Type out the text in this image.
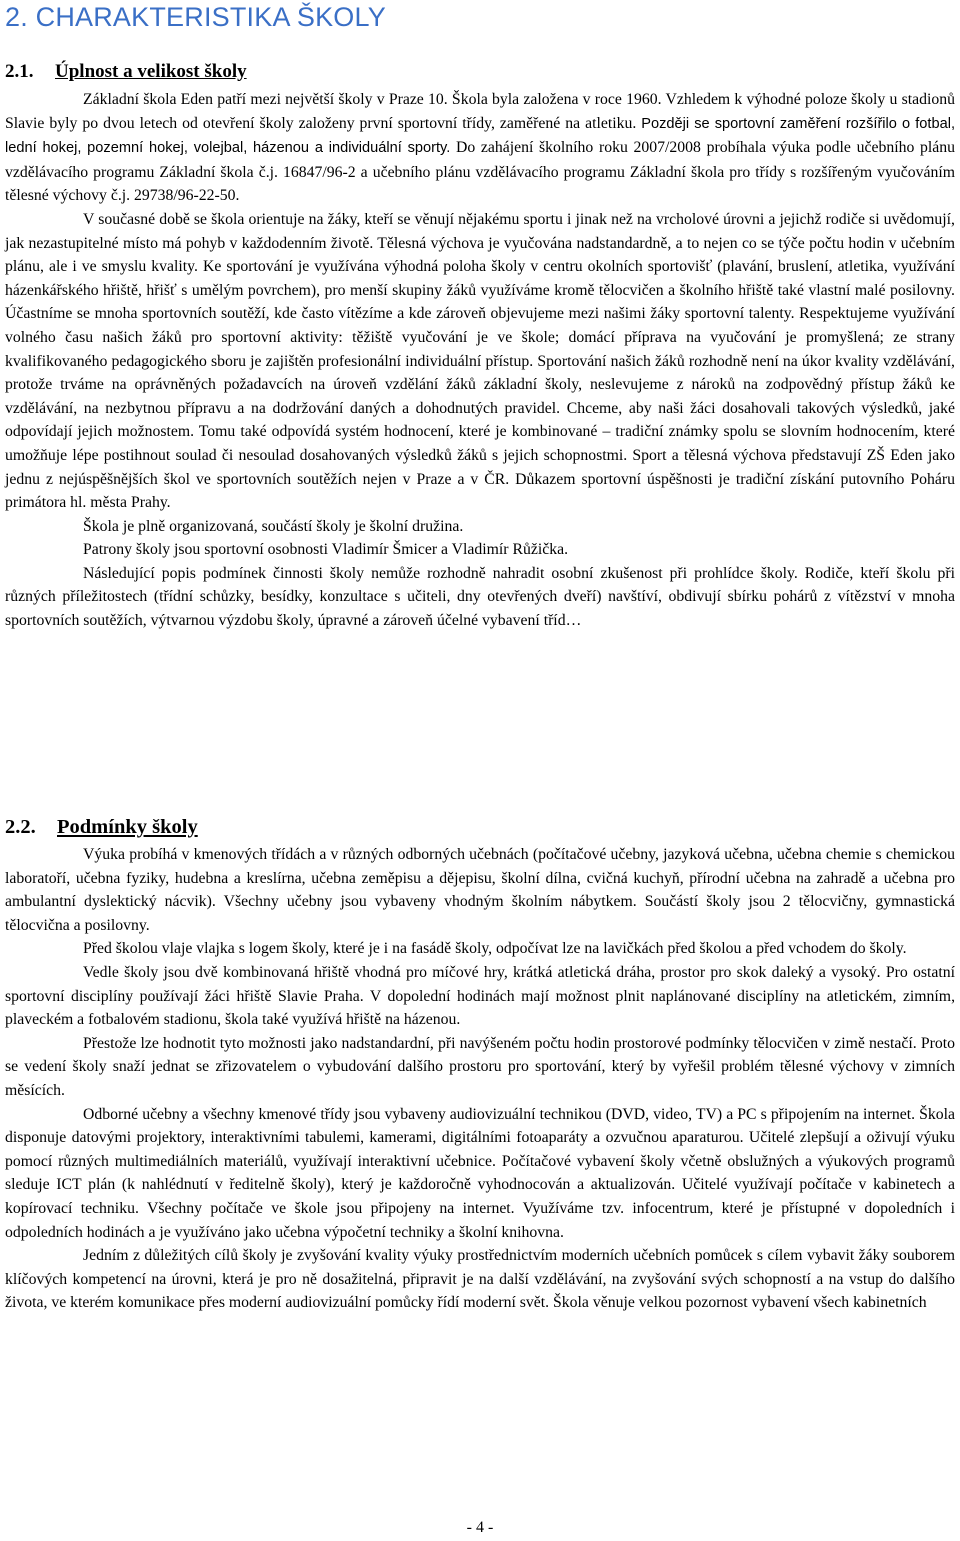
2. CHARAKTERISTIKA ŠKOLY
2.1. Úplnost a velikost školy

Základní škola Eden patří mezi největší školy v Praze 10. Škola byla založena v roce 1960. Vzhledem k výhodné poloze školy u stadionů Slavie byly po dvou letech od otevření školy založeny první sportovní třídy, zaměřené na atletiku. Později se sportovní zaměření rozšířilo o fotbal, lední hokej, pozemní hokej, volejbal, házenou a individuální sporty. Do zahájení školního roku 2007/2008 probíhala výuka podle učebního plánu vzdělávacího programu Základní škola č.j. 16847/96-2 a učebního plánu vzdělávacího programu Základní škola pro třídy s rozšířeným vyučováním tělesné výchovy č.j. 29738/96-22-50.

V současné době se škola orientuje na žáky, kteří se věnují nějakému sportu i jinak než na vrcholové úrovni a jejichž rodiče si uvědomují, jak nezastupitelné místo má pohyb v každodenním životě. Tělesná výchova je vyučována nadstandardně, a to nejen co se týče počtu hodin v učebním plánu, ale i ve smyslu kvality. Ke sportování je využívána výhodná poloha školy v centru okolních sportovišť (plavání, bruslení, atletika, využívání házenkářského hřiště, hřišť s umělým povrchem), pro menší skupiny žáků využíváme kromě tělocvičen a školního hřiště také vlastní malé posilovny. Účastníme se mnoha sportovních soutěží, kde často vítězíme a kde zároveň objevujeme mezi našimi žáky sportovní talenty. Respektujeme využívání volného času našich žáků pro sportovní aktivity: těžiště vyučování je ve škole; domácí příprava na vyučování je promyšlená; ze strany kvalifikovaného pedagogického sboru je zajištěn profesionální individuální přístup. Sportování našich žáků rozhodně není na úkor kvality vzdělávání, protože trváme na oprávněných požadavcích na úroveň vzdělání žáků základní školy, neslevujeme z nároků na zodpovědný přístup žáků ke vzdělávání, na nezbytnou přípravu a na dodržování daných a dohodnutých pravidel. Chceme, aby naši žáci dosahovali takových výsledků, jaké odpovídají jejich možnostem. Tomu také odpovídá systém hodnocení, které je kombinované – tradiční známky spolu se slovním hodnocením, které umožňuje lépe postihnout soulad či nesoulad dosahovaných výsledků žáků s jejich schopnostmi. Sport a tělesná výchova představují ZŠ Eden jako jednu z nejúspěšnějších škol ve sportovních soutěžích nejen v Praze a v ČR. Důkazem sportovní úspěšnosti je tradiční získání putovního Poháru primátora hl. města Prahy.

Škola je plně organizovaná, součástí školy je školní družina.

Patrony školy jsou sportovní osobnosti Vladimír Šmicer a Vladimír Růžička.

Následující popis podmínek činnosti školy nemůže rozhodně nahradit osobní zkušenost při prohlídce školy. Rodiče, kteří školu při různých příležitostech (třídní schůzky, besídky, konzultace s učiteli, dny otevřených dveří) navštíví, obdivují sbírku pohárů z vítězství v mnoha sportovních soutěžích, výtvarnou výzdobu školy, úpravné a zároveň účelné vybavení tříd…

2.2. Podmínky školy

Výuka probíhá v kmenových třídách a v různých odborných učebnách (počítačové učebny, jazyková učebna, učebna chemie s chemickou laboratoří, učebna fyziky, hudebna a kreslírna, učebna zeměpisu a dějepisu, školní dílna, cvičná kuchyň, přírodní učebna na zahradě a učebna pro ambulantní dyslektický nácvik). Všechny učebny jsou vybaveny vhodným školním nábytkem. Součástí školy jsou 2 tělocvičny, gymnastická tělocvična a posilovny.

Před školou vlaje vlajka s logem školy, které je i na fasádě školy, odpočívat lze na lavičkách před školou a před vchodem do školy.

Vedle školy jsou dvě kombinovaná hřiště vhodná pro míčové hry, krátká atletická dráha, prostor pro skok daleký a vysoký. Pro ostatní sportovní disciplíny používají žáci hřiště Slavie Praha. V dopolední hodinách mají možnost plnit naplánované disciplíny na atletickém, zimním, plaveckém a fotbalovém stadionu, škola také využívá hřiště na házenou.

Přestože lze hodnotit tyto možnosti jako nadstandardní, při navýšeném počtu hodin prostorové podmínky tělocvičen v zimě nestačí. Proto se vedení školy snaží jednat se zřizovatelem o vybudování dalšího prostoru pro sportování, který by vyřešil problém tělesné výchovy v zimních měsících.

Odborné učebny a všechny kmenové třídy jsou vybaveny audiovizuální technikou (DVD, video, TV) a PC s připojením na internet. Škola disponuje datovými projektory, interaktivními tabulemi, kamerami, digitálními fotoaparáty a ozvučnou aparaturou. Učitelé zlepšují a oživují výuku pomocí různých multimediálních materiálů, využívají interaktivní učebnice. Počítačové vybavení školy včetně obslužných a výukových programů sleduje ICT plán (k nahlédnutí v ředitelně školy), který je každoročně vyhodnocován a aktualizován. Učitelé využívají počítače v kabinetech a kopírovací techniku. Všechny počítače ve škole jsou připojeny na internet. Využíváme tzv. infocentrum, které je přístupné v dopoledních i odpoledních hodinách a je využíváno jako učebna výpočetní techniky a školní knihovna.

Jedním z důležitých cílů školy je zvyšování kvality výuky prostřednictvím moderních učebních pomůcek s cílem vybavit žáky souborem klíčových kompetencí na úrovni, která je pro ně dosažitelná, připravit je na další vzdělávání, na zvyšování svých schopností a na vstup do dalšího života, ve kterém komunikace přes moderní audiovizuální pomůcky řídí moderní svět. Škola věnuje velkou pozornost vybavení všech kabinetních

- 4 -
